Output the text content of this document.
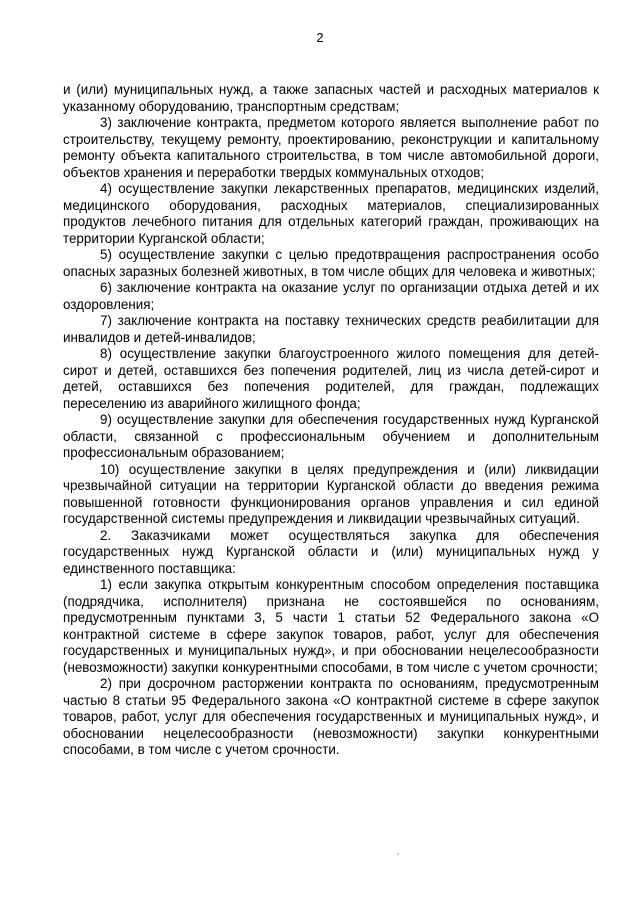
2

и (или) муниципальных нужд, а также запасных частей и расходных материалов к указанному оборудованию, транспортным средствам;

3) заключение контракта, предметом которого является выполнение работ по строительству, текущему ремонту, проектированию, реконструкции и капитальному ремонту объекта капитального строительства, в том числе автомобильной дороги, объектов хранения и переработки твердых коммунальных отходов;

4) осуществление закупки лекарственных препаратов, медицинских изделий, медицинского оборудования, расходных материалов, специализированных продуктов лечебного питания для отдельных категорий граждан, проживающих на территории Курганской области;

5) осуществление закупки с целью предотвращения распространения особо опасных заразных болезней животных, в том числе общих для человека и животных;

6) заключение контракта на оказание услуг по организации отдыха детей и их оздоровления;

7) заключение контракта на поставку технических средств реабилитации для инвалидов и детей-инвалидов;

8) осуществление закупки благоустроенного жилого помещения для детей-сирот и детей, оставшихся без попечения родителей, лиц из числа детей-сирот и детей, оставшихся без попечения родителей, для граждан, подлежащих переселению из аварийного жилищного фонда;

9) осуществление закупки для обеспечения государственных нужд Курганской области, связанной с профессиональным обучением и дополнительным профессиональным образованием;

10) осуществление закупки в целях предупреждения и (или) ликвидации чрезвычайной ситуации на территории Курганской области до введения режима повышенной готовности функционирования органов управления и сил единой государственной системы предупреждения и ликвидации чрезвычайных ситуаций.

2. Заказчиками может осуществляться закупка для обеспечения государственных нужд Курганской области и (или) муниципальных нужд у единственного поставщика:

1) если закупка открытым конкурентным способом определения поставщика (подрядчика, исполнителя) признана не состоявшейся по основаниям, предусмотренным пунктами 3, 5 части 1 статьи 52 Федерального закона «О контрактной системе в сфере закупок товаров, работ, услуг для обеспечения государственных и муниципальных нужд», и при обосновании нецелесообразности (невозможности) закупки конкурентными способами, в том числе с учетом срочности;

2) при досрочном расторжении контракта по основаниям, предусмотренным частью 8 статьи 95 Федерального закона «О контрактной системе в сфере закупок товаров, работ, услуг для обеспечения государственных и муниципальных нужд», и обосновании нецелесообразности (невозможности) закупки конкурентными способами, в том числе с учетом срочности.
